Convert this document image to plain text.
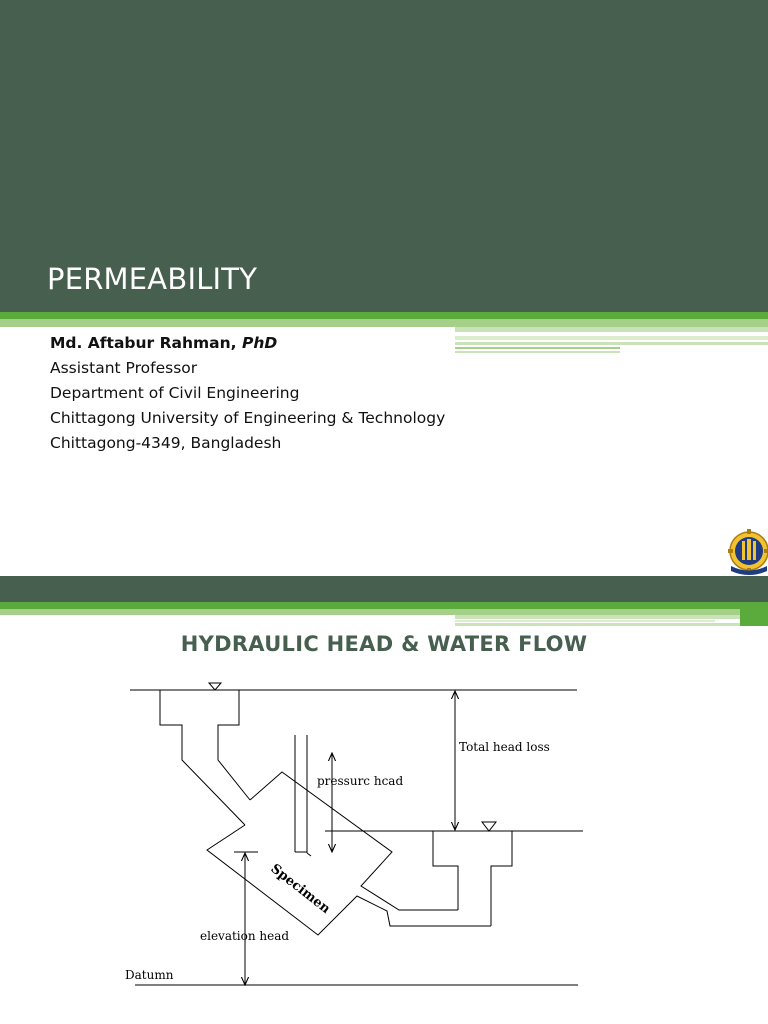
PERMEABILITY
Md. Aftabur Rahman, PhD
Assistant Professor
Department of Civil Engineering
Chittagong University of Engineering & Technology
Chittagong-4349, Bangladesh
HYDRAULIC HEAD & WATER FLOW
Total head loss
pressurc hcad
Specimen
elevation head
Datumn
